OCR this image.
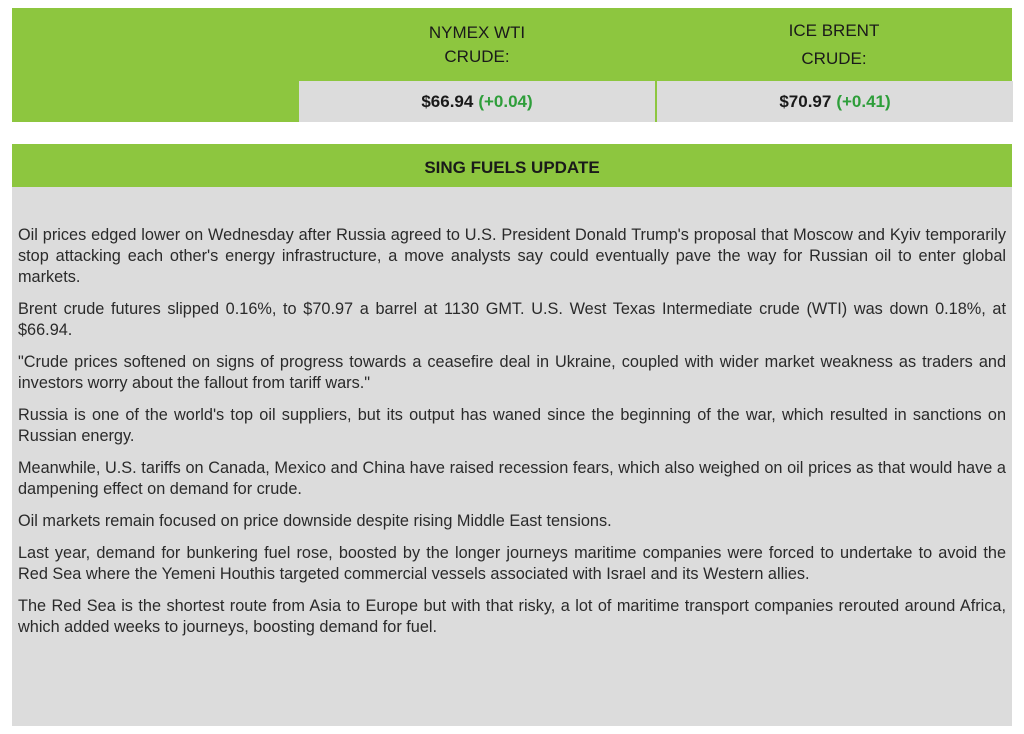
NYMEX WTI
CRUDE:
ICE BRENT
CRUDE:
$66.94 (+0.04)	$70.97 (+0.41)
SING FUELS UPDATE

Oil prices edged lower on Wednesday after Russia agreed to U.S. President Donald Trump's proposal that Moscow and Kyiv temporarily stop attacking each other's energy infrastructure, a move analysts say could eventually pave the way for Russian oil to enter global markets.

Brent crude futures slipped 0.16%, to $70.97 a barrel at 1130 GMT. U.S. West Texas Intermediate crude (WTI) was down 0.18%, at $66.94.

"Crude prices softened on signs of progress towards a ceasefire deal in Ukraine, coupled with wider market weakness as traders and investors worry about the fallout from tariff wars."

Russia is one of the world's top oil suppliers, but its output has waned since the beginning of the war, which resulted in sanctions on Russian energy.

Meanwhile, U.S. tariffs on Canada, Mexico and China have raised recession fears, which also weighed on oil prices as that would have a dampening effect on demand for crude.

Oil markets remain focused on price downside despite rising Middle East tensions.

Last year, demand for bunkering fuel rose, boosted by the longer journeys maritime companies were forced to undertake to avoid the Red Sea where the Yemeni Houthis targeted commercial vessels associated with Israel and its Western allies.

The Red Sea is the shortest route from Asia to Europe but with that risky, a lot of maritime transport companies rerouted around Africa, which added weeks to journeys, boosting demand for fuel.
